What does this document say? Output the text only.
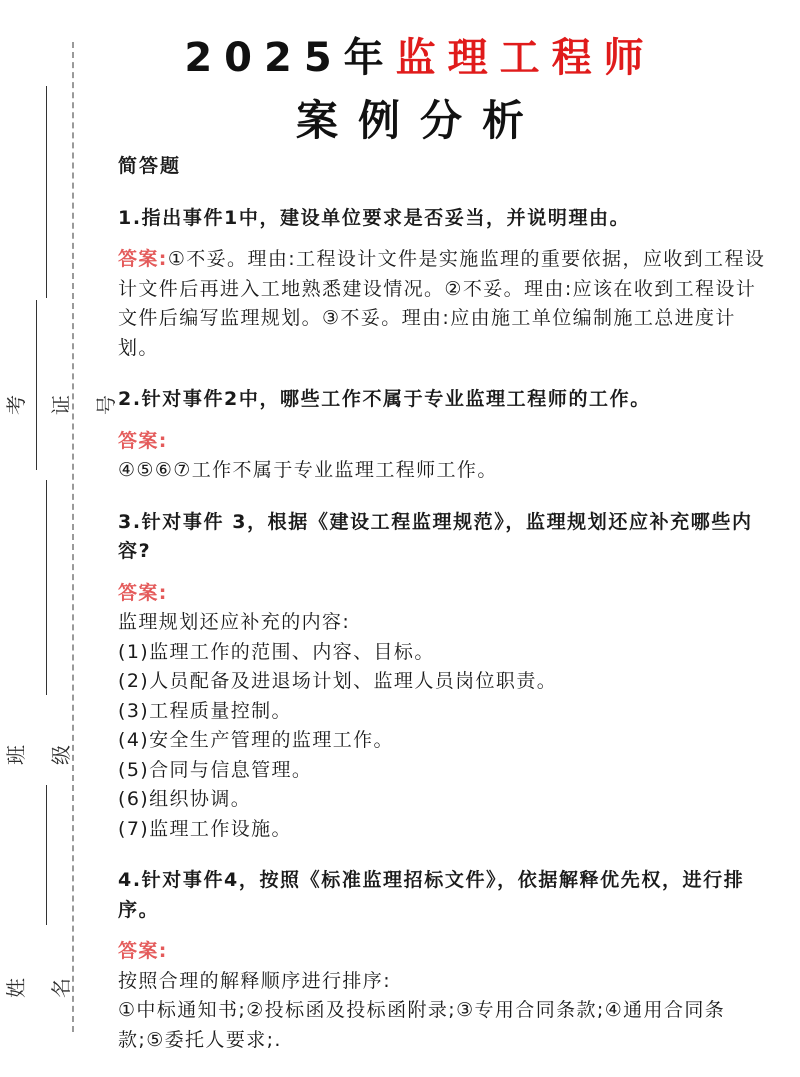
考证号
班级
姓名
2025年监理工程师
案例分析
简答题
1.指出事件1中，建设单位要求是否妥当，并说明理由。

答案:①不妥。理由:工程设计文件是实施监理的重要依据，应收到工程设计文件后再进入工地熟悉建设情况。②不妥。理由:应该在收到工程设计文件后编写监理规划。③不妥。理由:应由施工单位编制施工总进度计划。

2.针对事件2中，哪些工作不属于专业监理工程师的工作。

答案:

④⑤⑥⑦工作不属于专业监理工程师工作。

3.针对事件 3，根据《建设工程监理规范》，监理规划还应补充哪些内容?

答案:

监理规划还应补充的内容:

(1)监理工作的范围、内容、目标。

(2)人员配备及进退场计划、监理人员岗位职责。

(3)工程质量控制。

(4)安全生产管理的监理工作。

(5)合同与信息管理。

(6)组织协调。

(7)监理工作设施。

4.针对事件4，按照《标准监理招标文件》，依据解释优先权，进行排序。

答案:

按照合理的解释顺序进行排序:

①中标通知书;②投标函及投标函附录;③专用合同条款;④通用合同条款;⑤委托人要求;.
